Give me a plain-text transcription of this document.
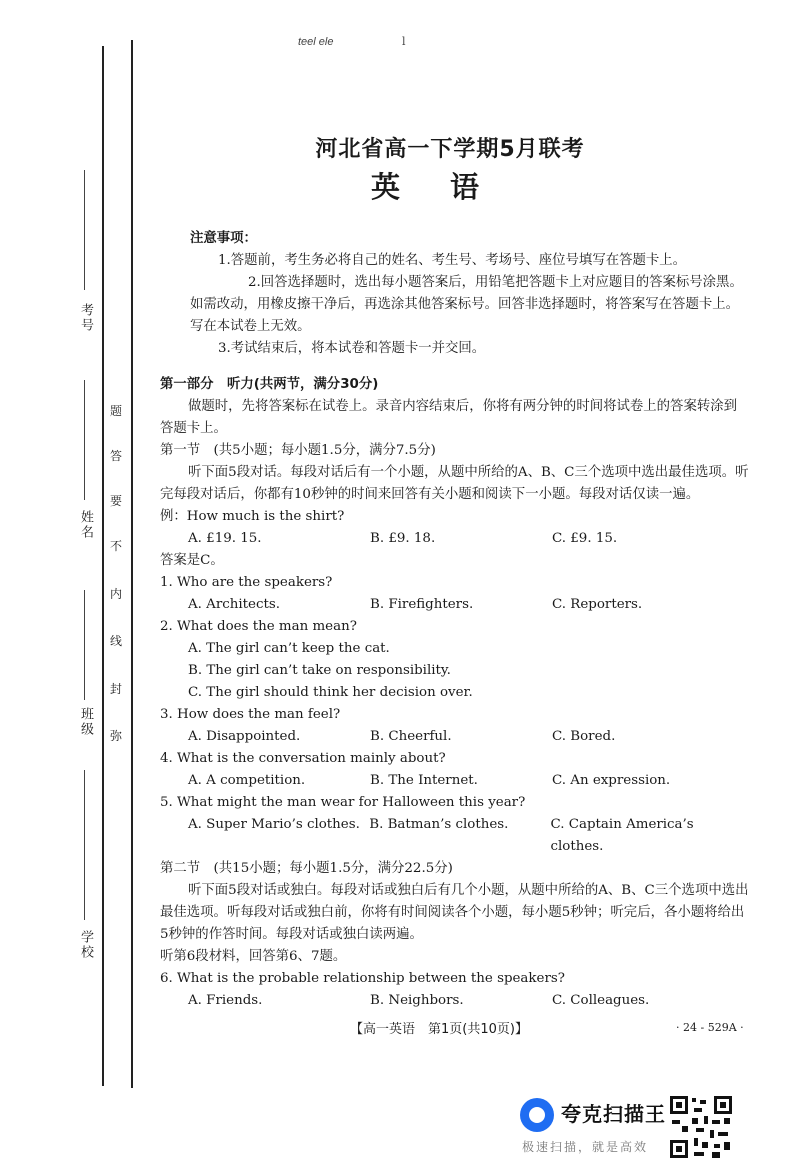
teel ele	l
考号
姓名
班级
学校
题
答
要
不
内
线
封
弥
河北省高一下学期5月联考
英语

注意事项：

1.答题前，考生务必将自己的姓名、考生号、考场号、座位号填写在答题卡上。

2.回答选择题时，选出每小题答案后，用铅笔把答题卡上对应题目的答案标号涂黑。如需改动，用橡皮擦干净后，再选涂其他答案标号。回答非选择题时，将答案写在答题卡上。写在本试卷上无效。

3.考试结束后，将本试卷和答题卡一并交回。

第一部分　听力(共两节，满分30分)

做题时，先将答案标在试卷上。录音内容结束后，你将有两分钟的时间将试卷上的答案转涂到答题卡上。

第一节　(共5小题；每小题1.5分，满分7.5分)

听下面5段对话。每段对话后有一个小题，从题中所给的A、B、C三个选项中选出最佳选项。听完每段对话后，你都有10秒钟的时间来回答有关小题和阅读下一小题。每段对话仅读一遍。

例：How much is the shirt?

A. £19. 15.	B. £9. 18.	C. £9. 15.

答案是C。

1. Who are the speakers?

A. Architects.	B. Firefighters.	C. Reporters.

2. What does the man mean?

A. The girl can’t keep the cat.

B. The girl can’t take on responsibility.

C. The girl should think her decision over.

3. How does the man feel?

A. Disappointed.	B. Cheerful.	C. Bored.

4. What is the conversation mainly about?

A. A competition.	B. The Internet.	C. An expression.

5. What might the man wear for Halloween this year?

A. Super Mario’s clothes. B. Batman’s clothes.	C. Captain America’s clothes.

第二节　(共15小题；每小题1.5分，满分22.5分)

听下面5段对话或独白。每段对话或独白后有几个小题，从题中所给的A、B、C三个选项中选出最佳选项。听每段对话或独白前，你将有时间阅读各个小题，每小题5秒钟；听完后，各小题将给出5秒钟的作答时间。每段对话或独白读两遍。

听第6段材料，回答第6、7题。

6. What is the probable relationship between the speakers?

A. Friends.	B. Neighbors.	C. Colleagues.
【高一英语　第1页(共10页)】	· 24 - 529A ·
夸克扫描王
极速扫描，就是高效
